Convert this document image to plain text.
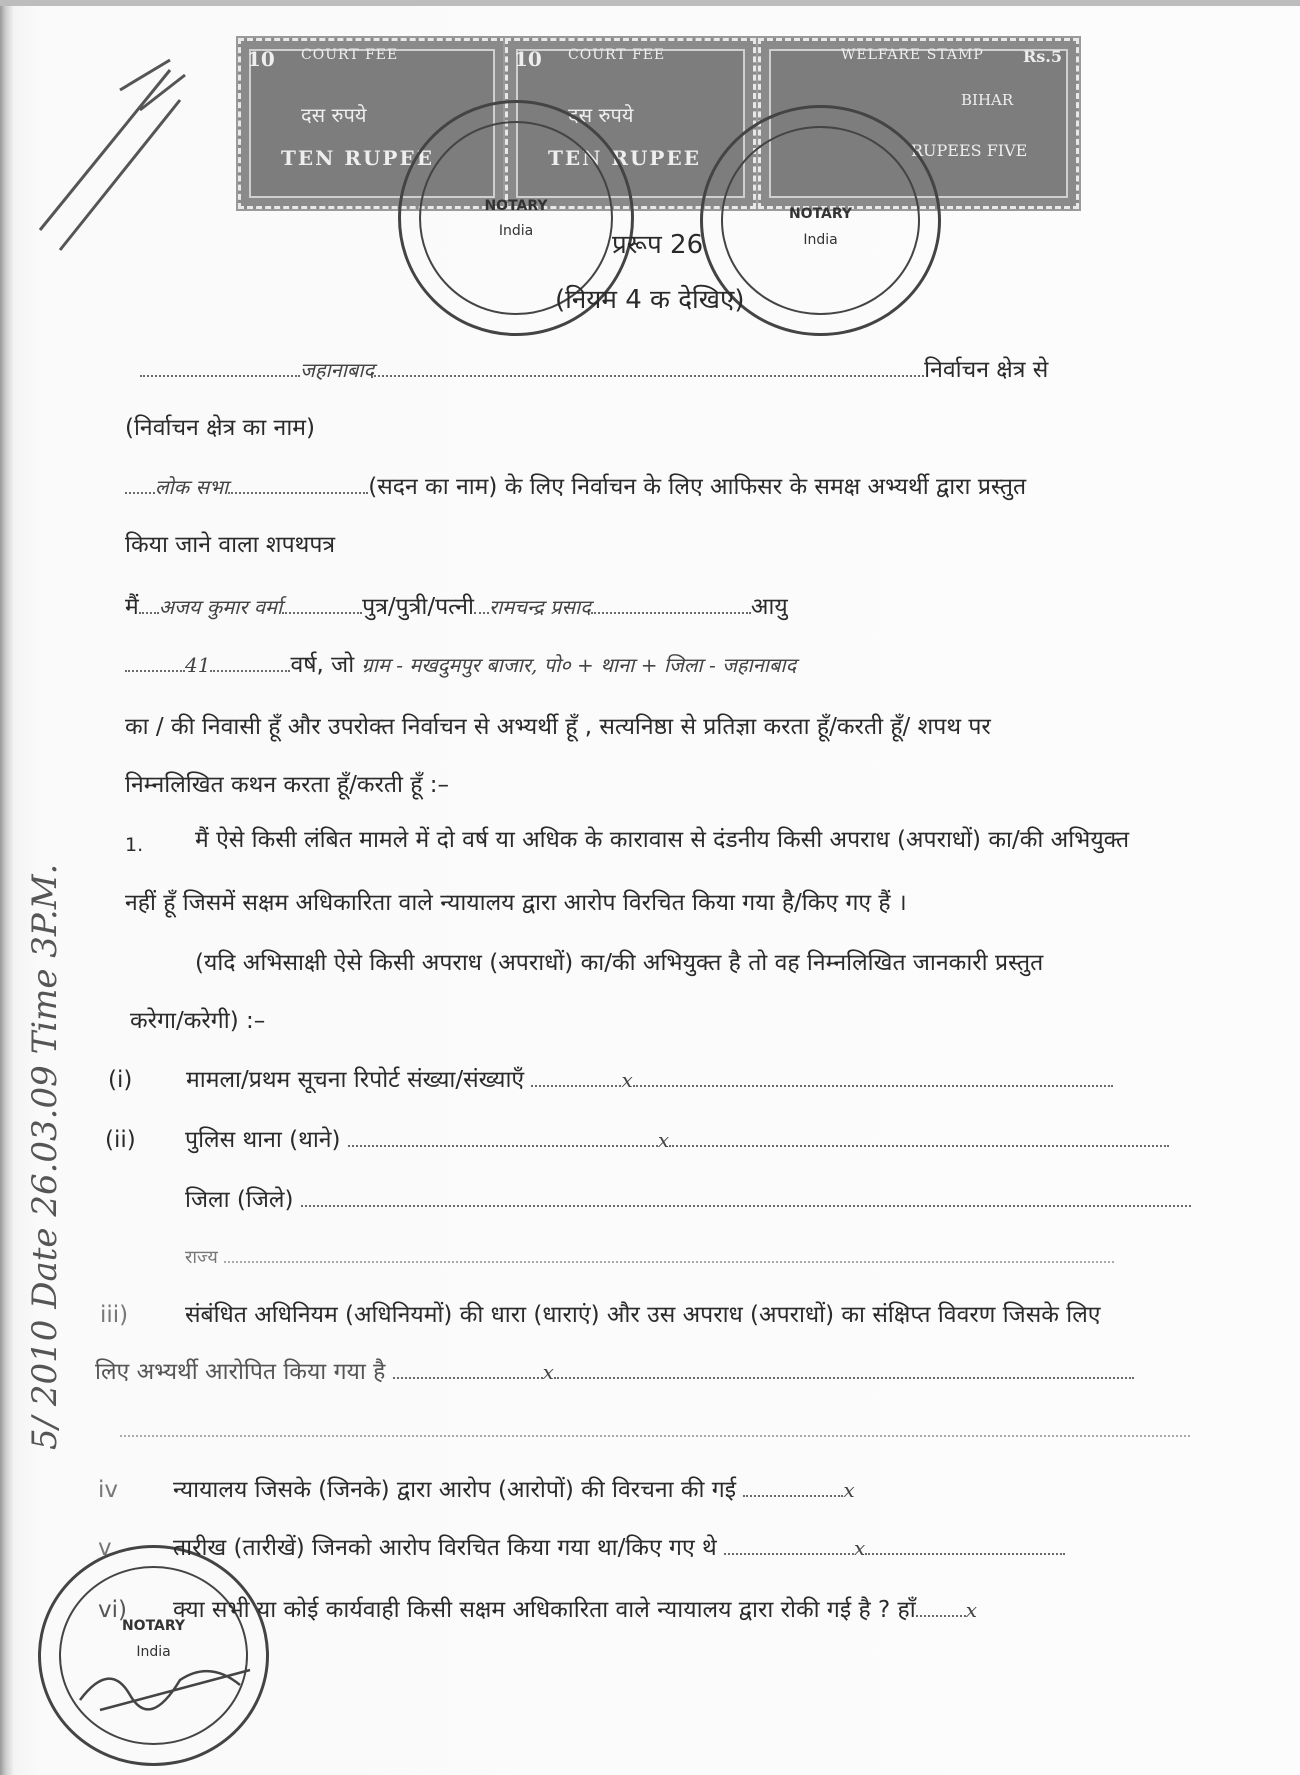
10 COURT FEE
दस रुपये
TEN RUPEE
10 COURT FEE
दस रुपये
TEN RUPEE
Rs.5
WELFARE STAMP
BIHAR
RUPEES FIVE
NOTARY
India
NOTARY
India
NOTARY
India
प्ररूप 26
(नियम 4 क देखिए)
जहानाबाद	निर्वाचन क्षेत्र से
(निर्वाचन क्षेत्र का नाम)
लोक सभा	(सदन का नाम) के लिए निर्वाचन के लिए आफिसर के समक्ष अभ्यर्थी द्वारा प्रस्तुत
किया जाने वाला शपथपत्र
मैं अजय कुमार वर्मा	पुत्र/पुत्री/पत्नी रामचन्द्र प्रसाद	आयु
41	वर्ष, जो ग्राम - मखदुमपुर बाजार, पो० + थाना + जिला - जहानाबाद
का / की निवासी हूँ और उपरोक्त निर्वाचन से अभ्यर्थी हूँ , सत्यनिष्ठा से प्रतिज्ञा करता हूँ/करती हूँ/ शपथ पर
निम्नलिखित कथन करता हूँ/करती हूँ :–
1. मैं ऐसे किसी लंबित मामले में दो वर्ष या अधिक के कारावास से दंडनीय किसी अपराध (अपराधों) का/की अभियुक्त
नहीं हूँ जिसमें सक्षम अधिकारिता वाले न्यायालय द्वारा आरोप विरचित किया गया है/किए गए हैं ।
(यदि अभिसाक्षी ऐसे किसी अपराध (अपराधों) का/की अभियुक्त है तो वह निम्नलिखित जानकारी प्रस्तुत
करेगा/करेगी) :–
(i) मामला/प्रथम सूचना रिपोर्ट संख्या/संख्याएँ	x
(ii) पुलिस थाना (थाने)	x
जिला (जिले)
राज्य
iii) संबंधित अधिनियम (अधिनियमों) की धारा (धाराएं) और उस अपराध (अपराधों) का संक्षिप्त विवरण जिसके लिए
लिए अभ्यर्थी आरोपित किया गया है	x
iv न्यायालय जिसके (जिनके) द्वारा आरोप (आरोपों) की विरचना की गई	x
v	तारीख (तारीखें) जिनको आरोप विरचित किया गया था/किए गए थे	x
vi) क्या सभी या कोई कार्यवाही किसी सक्षम अधिकारिता वाले न्यायालय द्वारा रोकी गई है ? हाँ	x
5/ 2010 Date 26.03.09 Time 3P.M.
